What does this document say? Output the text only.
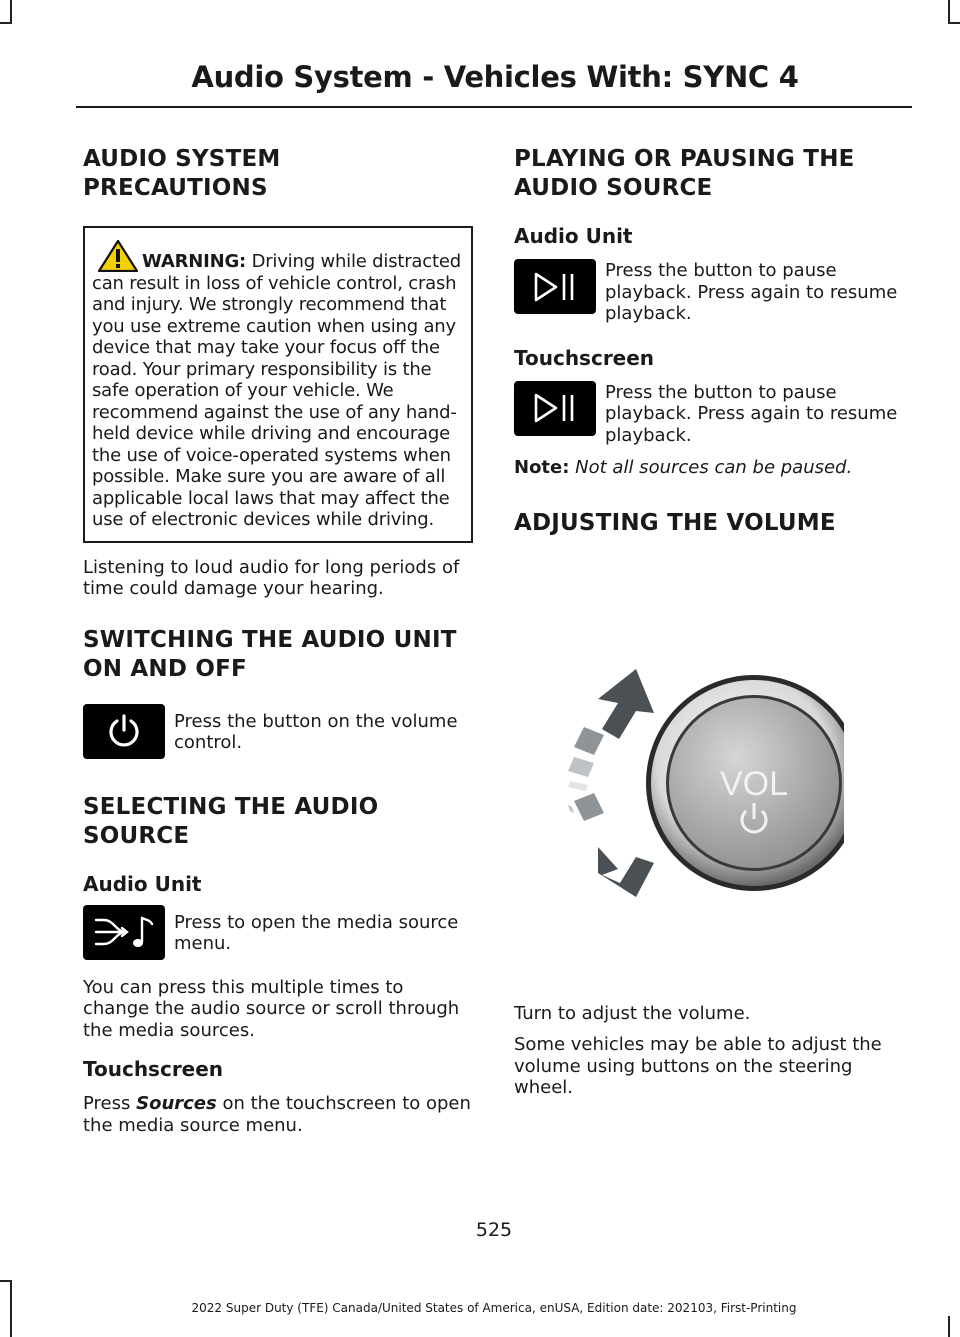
Audio System - Vehicles With: SYNC 4
AUDIO SYSTEM
PRECAUTIONS
WARNING: Driving while distracted can result in loss of vehicle control, crash and injury. We strongly recommend that you use extreme caution when using any device that may take your focus off the road. Your primary responsibility is the safe operation of your vehicle. We recommend against the use of any hand-held device while driving and encourage the use of voice-operated systems when possible. Make sure you are aware of all applicable local laws that may affect the use of electronic devices while driving.

Listening to loud audio for long periods of time could damage your hearing.

SWITCHING THE AUDIO UNIT
ON AND OFF
Press the button on the volume control.
SELECTING THE AUDIO
SOURCE
Audio Unit
Press to open the media source menu.

You can press this multiple times to change the audio source or scroll through the media sources.

Touchscreen

Press Sources on the touchscreen to open the media source menu.

PLAYING OR PAUSING THE
AUDIO SOURCE
Audio Unit
Press the button to pause playback. Press again to resume playback.
Touchscreen
Press the button to pause playback. Press again to resume playback.

Note: Not all sources can be paused.

ADJUSTING THE VOLUME
VOL

Turn to adjust the volume.

Some vehicles may be able to adjust the volume using buttons on the steering wheel.

525
2022 Super Duty (TFE) Canada/United States of America, enUSA, Edition date: 202103, First-Printing
